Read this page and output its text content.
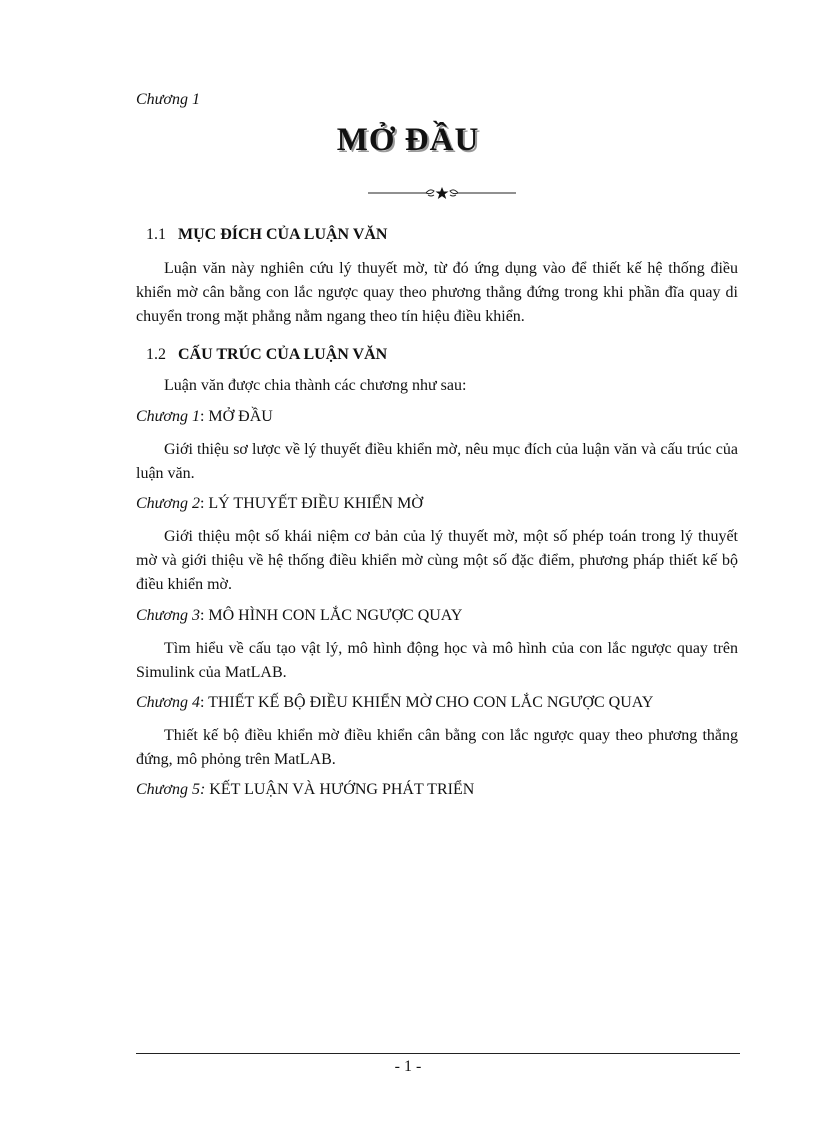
Chương 1
MỞ ĐẦU
1.1 MỤC ĐÍCH CỦA LUẬN VĂN

Luận văn này nghiên cứu lý thuyết mờ, từ đó ứng dụng vào để thiết kế hệ thống điều khiển mờ cân bằng con lắc ngược quay theo phương thẳng đứng trong khi phần đĩa quay di chuyển trong mặt phẳng nằm ngang theo tín hiệu điều khiển.

1.2 CẤU TRÚC CỦA LUẬN VĂN
Luận văn được chia thành các chương như sau:
Chương 1: MỞ ĐẦU

Giới thiệu sơ lược về lý thuyết điều khiển mờ, nêu mục đích của luận văn và cấu trúc của luận văn.

Chương 2: LÝ THUYẾT ĐIỀU KHIỂN MỜ

Giới thiệu một số khái niệm cơ bản của lý thuyết mờ, một số phép toán trong lý thuyết mờ và giới thiệu về hệ thống điều khiển mờ cùng một số đặc điểm, phương pháp thiết kế bộ điều khiển mờ.

Chương 3: MÔ HÌNH CON LẮC NGƯỢC QUAY

Tìm hiểu về cấu tạo vật lý, mô hình động học và mô hình của con lắc ngược quay trên Simulink của MatLAB.

Chương 4: THIẾT KẾ BỘ ĐIỀU KHIỂN MỜ CHO CON LẮC NGƯỢC QUAY

Thiết kế bộ điều khiển mờ điều khiển cân bằng con lắc ngược quay theo phương thẳng đứng, mô phỏng trên MatLAB.

Chương 5: KẾT LUẬN VÀ HƯỚNG PHÁT TRIỂN
- 1 -
